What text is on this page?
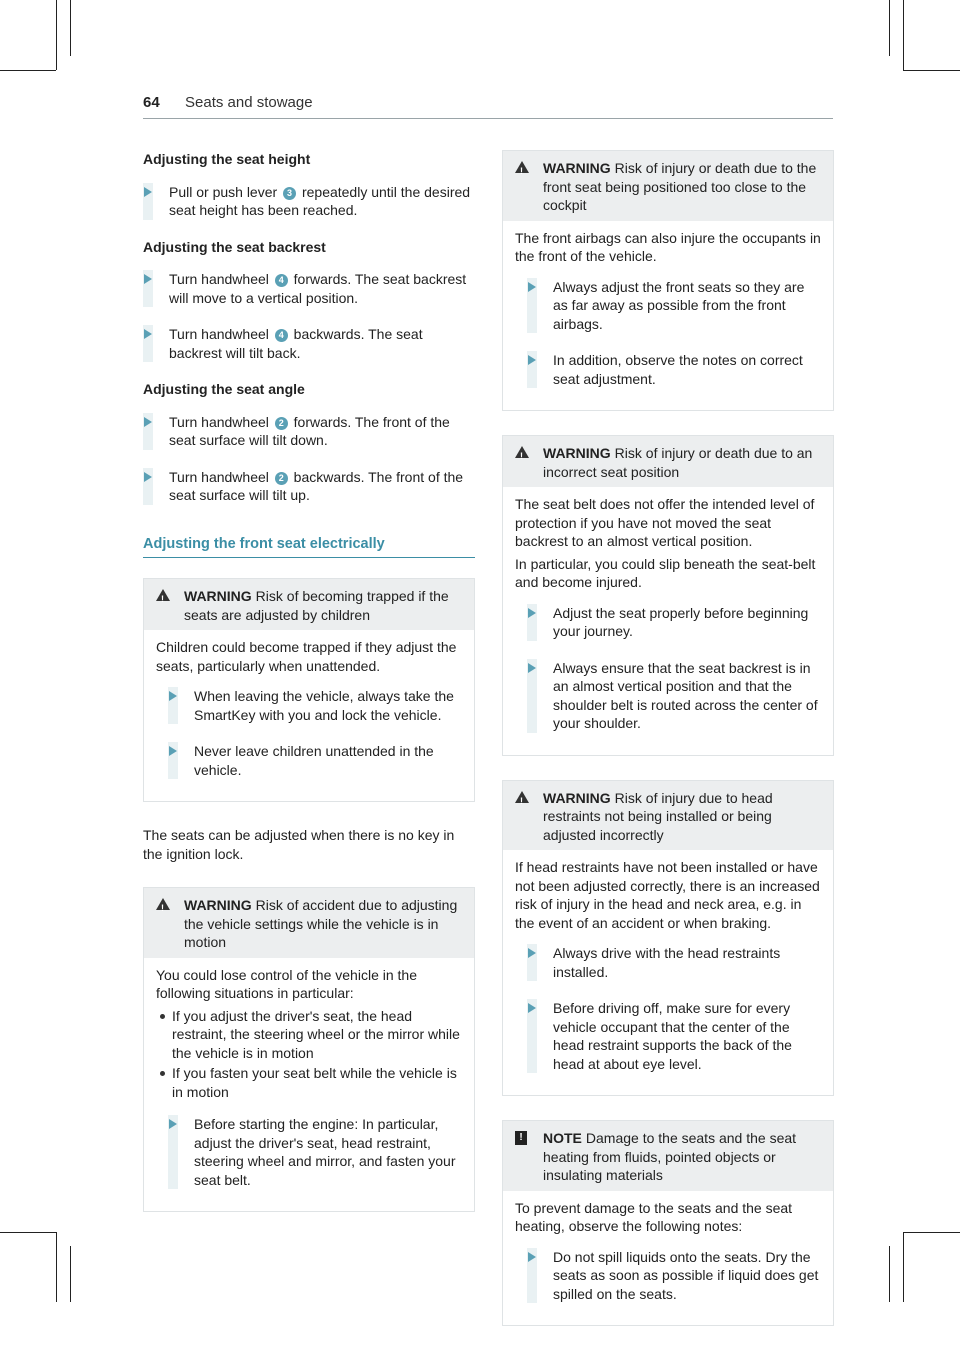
64 Seats and stowage
Adjusting the seat height
Pull or push lever 3 repeatedly until the desired seat height has been reached.
Adjusting the seat backrest
Turn handwheel 4 forwards. The seat backrest will move to a vertical position.
Turn handwheel 4 backwards. The seat backrest will tilt back.
Adjusting the seat angle
Turn handwheel 2 forwards. The front of the seat surface will tilt down.
Turn handwheel 2 backwards. The front of the seat surface will tilt up.
Adjusting the front seat electrically
!
WARNING Risk of becoming trapped if the seats are adjusted by children

Children could become trapped if they adjust the seats, particularly when unattended.

When leaving the vehicle, always take the SmartKey with you and lock the vehicle.
Never leave children unattended in the vehicle.

The seats can be adjusted when there is no key in the ignition lock.

!
WARNING Risk of accident due to adjusting the vehicle settings while the vehicle is in motion

You could lose control of the vehicle in the following situations in particular:

If you adjust the driver's seat, the head restraint, the steering wheel or the mirror while the vehicle is in motion
If you fasten your seat belt while the vehicle is in motion
Before starting the engine: In particular, adjust the driver's seat, head restraint, steering wheel and mirror, and fasten your seat belt.
!
WARNING Risk of injury or death due to the front seat being positioned too close to the cockpit

The front airbags can also injure the occupants in the front of the vehicle.

Always adjust the front seats so they are as far away as possible from the front airbags.
In addition, observe the notes on correct seat adjustment.
!
WARNING Risk of injury or death due to an incorrect seat position

The seat belt does not offer the intended level of protection if you have not moved the seat backrest to an almost vertical position.

In particular, you could slip beneath the seat-belt and become injured.

Adjust the seat properly before beginning your journey.
Always ensure that the seat backrest is in an almost vertical position and that the shoulder belt is routed across the center of your shoulder.
!
WARNING Risk of injury due to head restraints not being installed or being adjusted incorrectly

If head restraints have not been installed or have not been adjusted correctly, there is an increased risk of injury in the head and neck area, e.g. in the event of an accident or when braking.

Always drive with the head restraints installed.
Before driving off, make sure for every vehicle occupant that the center of the head restraint supports the back of the head at about eye level.
!	NOTE Damage to the seats and the seat heating from fluids, pointed objects or insulating materials

To prevent damage to the seats and the seat heating, observe the following notes:

Do not spill liquids onto the seats. Dry the seats as soon as possible if liquid does get spilled on the seats.
